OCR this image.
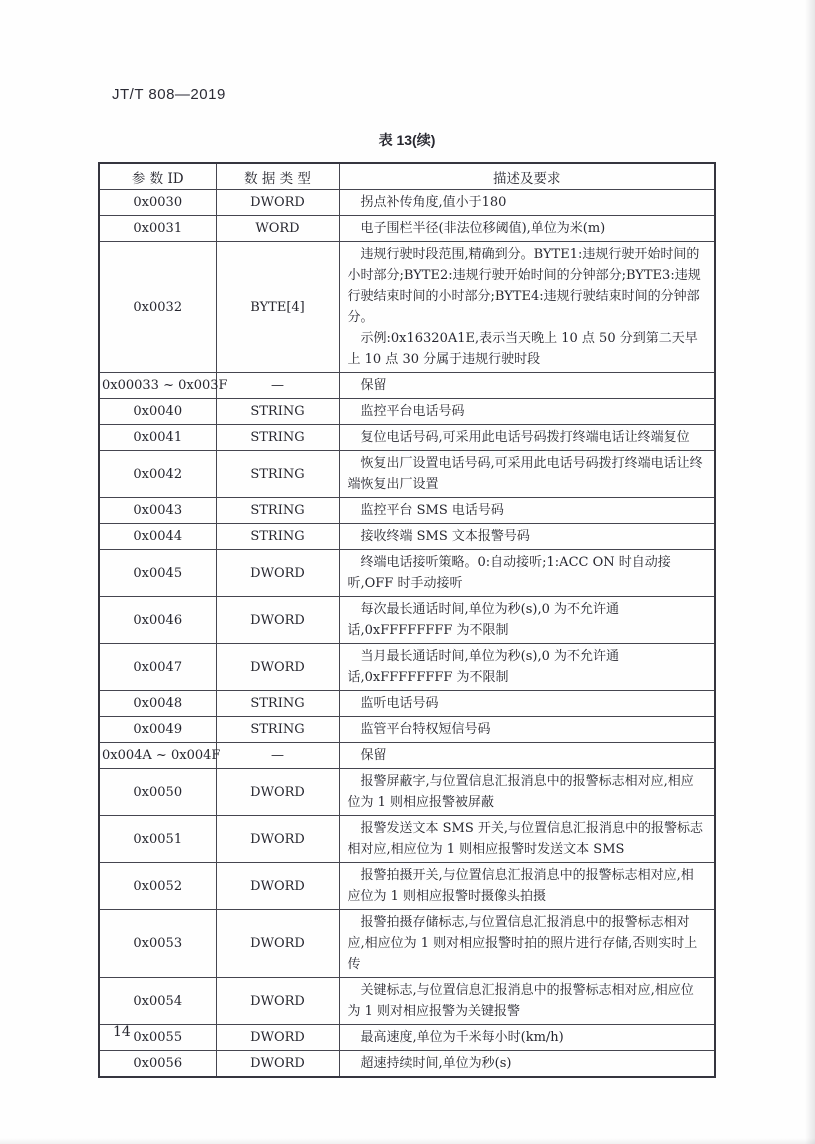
JT/T 808—2019
表 13(续)
参 数 ID	数 据 类 型	描述及要求
0x0030	DWORD	拐点补传角度,值小于180

0x0031	WORD	电子围栏半径(非法位移阈值),单位为米(m)

0x0032	BYTE[4]	违规行驶时段范围,精确到分。BYTE1:违规行驶开始时间的小时部分;BYTE2:违规行驶开始时间的分钟部分;BYTE3:违规行驶结束时间的小时部分;BYTE4:违规行驶结束时间的分钟部分。

示例:0x16320A1E,表示当天晚上 10 点 50 分到第二天早上 10 点 30 分属于违规行驶时段

0x00033 ~ 0x003F	—	保留

0x0040	STRING	监控平台电话号码

0x0041	STRING	复位电话号码,可采用此电话号码拨打终端电话让终端复位

0x0042	STRING	恢复出厂设置电话号码,可采用此电话号码拨打终端电话让终端恢复出厂设置

0x0043	STRING	监控平台 SMS 电话号码

0x0044	STRING	接收终端 SMS 文本报警号码

0x0045	DWORD	终端电话接听策略。0:自动接听;1:ACC ON 时自动接听,OFF 时手动接听

0x0046	DWORD	每次最长通话时间,单位为秒(s),0 为不允许通话,0xFFFFFFFF 为不限制

0x0047	DWORD	当月最长通话时间,单位为秒(s),0 为不允许通话,0xFFFFFFFF 为不限制

0x0048	STRING	监听电话号码

0x0049	STRING	监管平台特权短信号码

0x004A ~ 0x004F	—	保留

0x0050	DWORD	报警屏蔽字,与位置信息汇报消息中的报警标志相对应,相应位为 1 则相应报警被屏蔽

0x0051	DWORD	报警发送文本 SMS 开关,与位置信息汇报消息中的报警标志相对应,相应位为 1 则相应报警时发送文本 SMS

0x0052	DWORD	报警拍摄开关,与位置信息汇报消息中的报警标志相对应,相应位为 1 则相应报警时摄像头拍摄

0x0053	DWORD	报警拍摄存储标志,与位置信息汇报消息中的报警标志相对应,相应位为 1 则对相应报警时拍的照片进行存储,否则实时上传

0x0054	DWORD	关键标志,与位置信息汇报消息中的报警标志相对应,相应位为 1 则对相应报警为关键报警

0x0055	DWORD	最高速度,单位为千米每小时(km/h)

0x0056	DWORD	超速持续时间,单位为秒(s)

14
